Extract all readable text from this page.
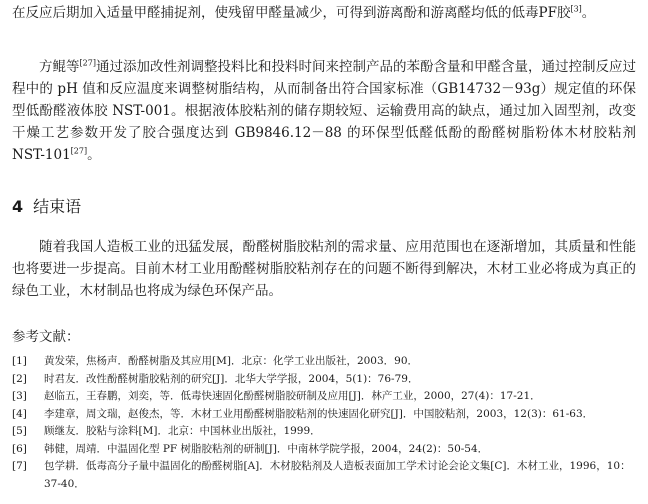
在反应后期加入适量甲醛捕捉剂，使残留甲醛量减少，可得到游离酚和游离醛均低的低毒PF胶[3]。

方鲲等[27]通过添加改性剂调整投料比和投料时间来控制产品的苯酚含量和甲醛含量，通过控制反应过程中的 pH 值和反应温度来调整树脂结构，从而制备出符合国家标准（GB14732－93g）规定值的环保型低酚醛液体胶 NST-001。根据液体胶粘剂的储存期较短、运输费用高的缺点，通过加入固型剂，改变干燥工艺参数开发了胶合强度达到 GB9846.12－88 的环保型低醛低酚的酚醛树脂粉体木材胶粘剂 NST-101[27]。

4 结束语

随着我国人造板工业的迅猛发展，酚醛树脂胶粘剂的需求量、应用范围也在逐渐增加，其质量和性能也将要进一步提高。目前木材工业用酚醛树脂胶粘剂存在的问题不断得到解决，木材工业必将成为真正的绿色工业，木材制品也将成为绿色环保产品。

参考文献：
[1]	黄发荣，焦杨声．酚醛树脂及其应用[M]．北京：化学工业出版社，2003．90．
[2]	时君友．改性酚醛树脂胶粘剂的研究[J]．北华大学学报，2004，5(1)：76-79．
[3]	赵临五，王春鹏，刘奕，等．低毒快速固化酚醛树脂胶研制及应用[J]．林产工业，2000，27(4)：17-21．
[4]	李建章，周文瑞，赵俊杰，等．木材工业用酚醛树脂胶粘剂的快速固化研究[J]．中国胶粘剂，2003，12(3)：61-63．
[5]	顾继友．胶粘与涂料[M]．北京：中国林业出版社，1999．
[6]	韩健，周靖．中温固化型 PF 树脂胶粘剂的研制[J]．中南林学院学报，2004，24(2)：50-54．
[7]	包学耕．低毒高分子量中温固化的酚醛树脂[A]．木材胶粘剂及人造板表面加工学术讨论会论文集[C]．木材工业，1996，10：37-40．
